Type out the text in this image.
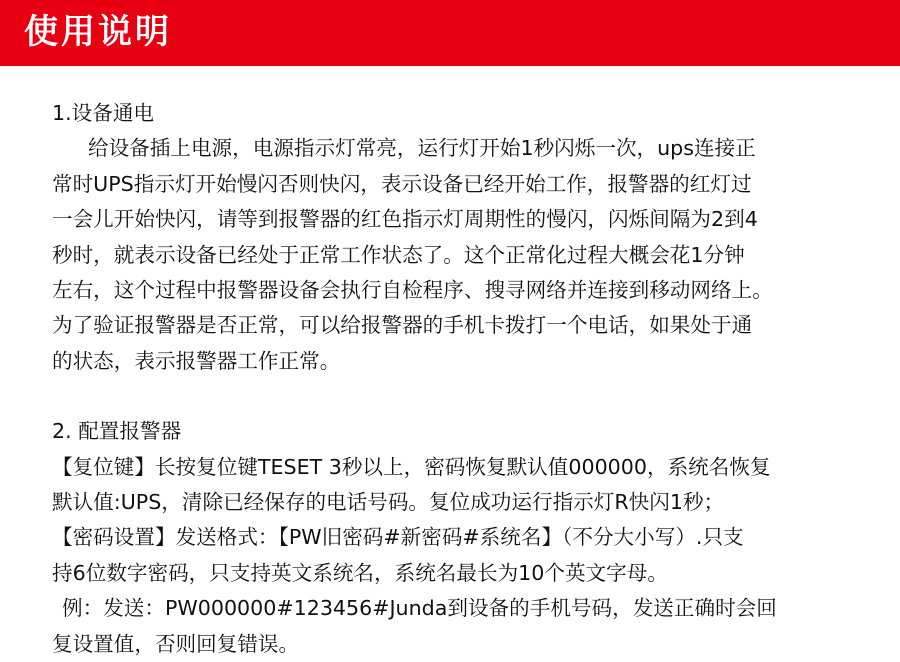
使用说明
1.设备通电
给设备插上电源，电源指示灯常亮，运行灯开始1秒闪烁一次，ups连接正
常时UPS指示灯开始慢闪否则快闪，表示设备已经开始工作，报警器的红灯过
一会儿开始快闪，请等到报警器的红色指示灯周期性的慢闪，闪烁间隔为2到4
秒时，就表示设备已经处于正常工作状态了。这个正常化过程大概会花1分钟
左右，这个过程中报警器设备会执行自检程序、搜寻网络并连接到移动网络上。
为了验证报警器是否正常，可以给报警器的手机卡拨打一个电话，如果处于通
的状态，表示报警器工作正常。
2. 配置报警器
【复位键】长按复位键TESET 3秒以上，密码恢复默认值000000，系统名恢复
默认值:UPS，清除已经保存的电话号码。复位成功运行指示灯R快闪1秒；
【密码设置】发送格式：【PW旧密码#新密码#系统名】（不分大小写）.只支
持6位数字密码，只支持英文系统名，系统名最长为10个英文字母。
例：发送：PW000000#123456#Junda到设备的手机号码，发送正确时会回
复设置值，否则回复错误。
